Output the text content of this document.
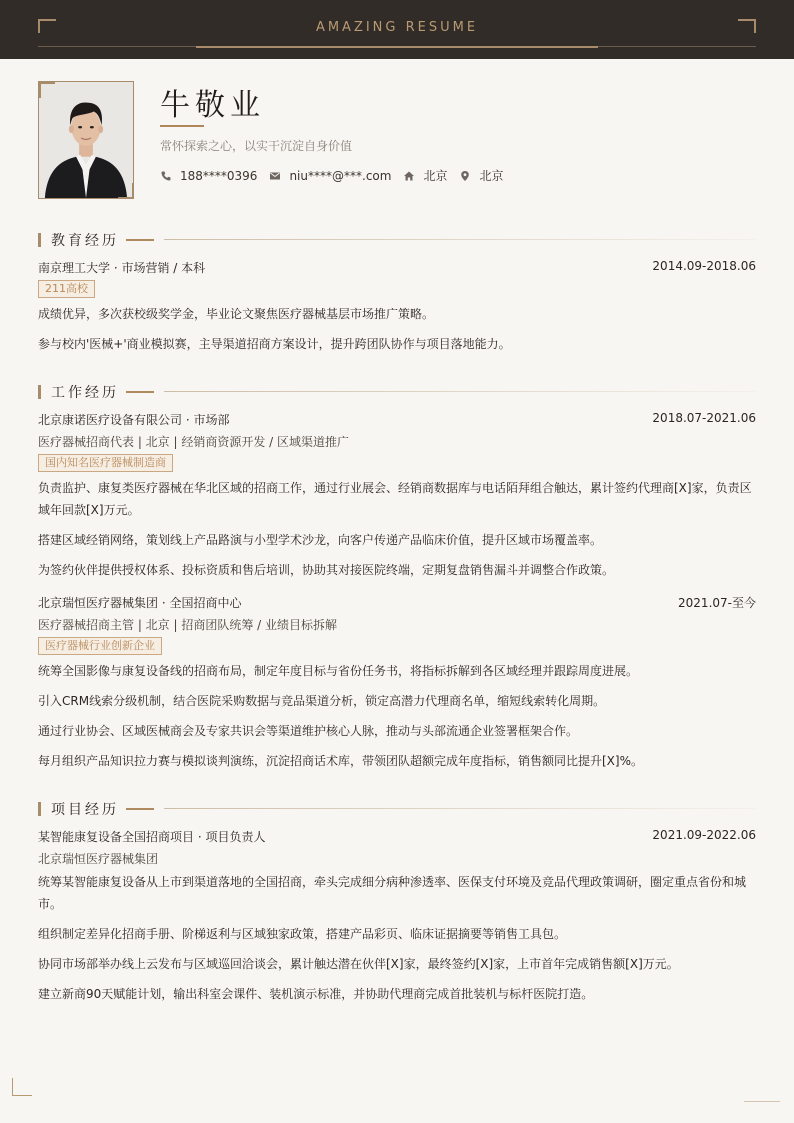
AMAZING RESUME
牛敬业
常怀探索之心，以实干沉淀自身价值
188****0396	niu****@***.com	北京	北京
教育经历
南京理工大学 · 市场营销 / 本科	2014.09-2018.06
211高校
成绩优异，多次获校级奖学金，毕业论文聚焦医疗器械基层市场推广策略。
参与校内'医械+'商业模拟赛，主导渠道招商方案设计，提升跨团队协作与项目落地能力。
工作经历
北京康诺医疗设备有限公司 · 市场部	2018.07-2021.06
医疗器械招商代表 | 北京 | 经销商资源开发 / 区域渠道推广
国内知名医疗器械制造商
负责监护、康复类医疗器械在华北区域的招商工作，通过行业展会、经销商数据库与电话陌拜组合触达，累计签约代理商[X]家，负责区域年回款[X]万元。
搭建区域经销网络，策划线上产品路演与小型学术沙龙，向客户传递产品临床价值，提升区域市场覆盖率。
为签约伙伴提供授权体系、投标资质和售后培训，协助其对接医院终端，定期复盘销售漏斗并调整合作政策。
北京瑞恒医疗器械集团 · 全国招商中心	2021.07-至今
医疗器械招商主管 | 北京 | 招商团队统筹 / 业绩目标拆解
医疗器械行业创新企业
统筹全国影像与康复设备线的招商布局，制定年度目标与省份任务书，将指标拆解到各区域经理并跟踪周度进展。
引入CRM线索分级机制，结合医院采购数据与竞品渠道分析，锁定高潜力代理商名单，缩短线索转化周期。
通过行业协会、区域医械商会及专家共识会等渠道维护核心人脉，推动与头部流通企业签署框架合作。
每月组织产品知识拉力赛与模拟谈判演练，沉淀招商话术库，带领团队超额完成年度指标，销售额同比提升[X]%。
项目经历
某智能康复设备全国招商项目 · 项目负责人	2021.09-2022.06
北京瑞恒医疗器械集团
统筹某智能康复设备从上市到渠道落地的全国招商，牵头完成细分病种渗透率、医保支付环境及竞品代理政策调研，圈定重点省份和城市。
组织制定差异化招商手册、阶梯返利与区域独家政策，搭建产品彩页、临床证据摘要等销售工具包。
协同市场部举办线上云发布与区域巡回洽谈会，累计触达潜在伙伴[X]家，最终签约[X]家，上市首年完成销售额[X]万元。
建立新商90天赋能计划，输出科室会课件、装机演示标准，并协助代理商完成首批装机与标杆医院打造。
